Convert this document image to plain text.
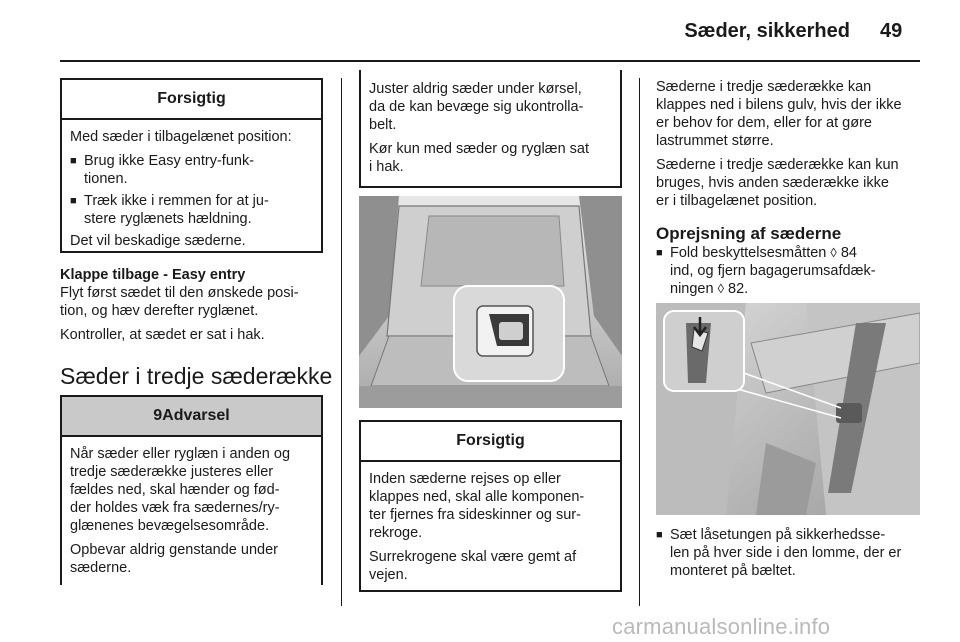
Sæder, sikkerhed 49
Forsigtig

Med sæder i tilbagelænet position:

■ Brug ikke Easy entry-funk-
tionen.
■ Træk ikke i remmen for at ju-
stere ryglænets hældning.

Det vil beskadige sæderne.

Klappe tilbage - Easy entry

Flyt først sædet til den ønskede posi-
tion, og hæv derefter ryglænet.

Kontroller, at sædet er sat i hak.

Sæder i tredje sæderække
9 Advarsel

Når sæder eller ryglæn i anden og
tredje sæderække justeres eller
fældes ned, skal hænder og fød-
der holdes væk fra sædernes/ry-
glænenes bevægelsesområde.

Opbevar aldrig genstande under
sæderne.

Juster aldrig sæder under kørsel,
da de kan bevæge sig ukontrolla-
belt.

Kør kun med sæder og ryglæn sat
i hak.

Forsigtig

Inden sæderne rejses op eller
klappes ned, skal alle komponen-
ter fjernes fra sideskinner og sur-
rekroge.

Surrekrogene skal være gemt af
vejen.

Sæderne i tredje sæderække kan
klappes ned i bilens gulv, hvis der ikke
er behov for dem, eller for at gøre
lastrummet større.

Sæderne i tredje sæderække kan kun
bruges, hvis anden sæderække ikke
er i tilbagelænet position.

Oprejsning af sæderne
■ Fold beskyttelsesmåtten ◊ 84
ind, og fjern bagagerumsafdæk-
ningen ◊ 82.
■ Sæt låsetungen på sikkerhedsse-
len på hver side i den lomme, der er
monteret på bæltet.
carmanualsonline.info
